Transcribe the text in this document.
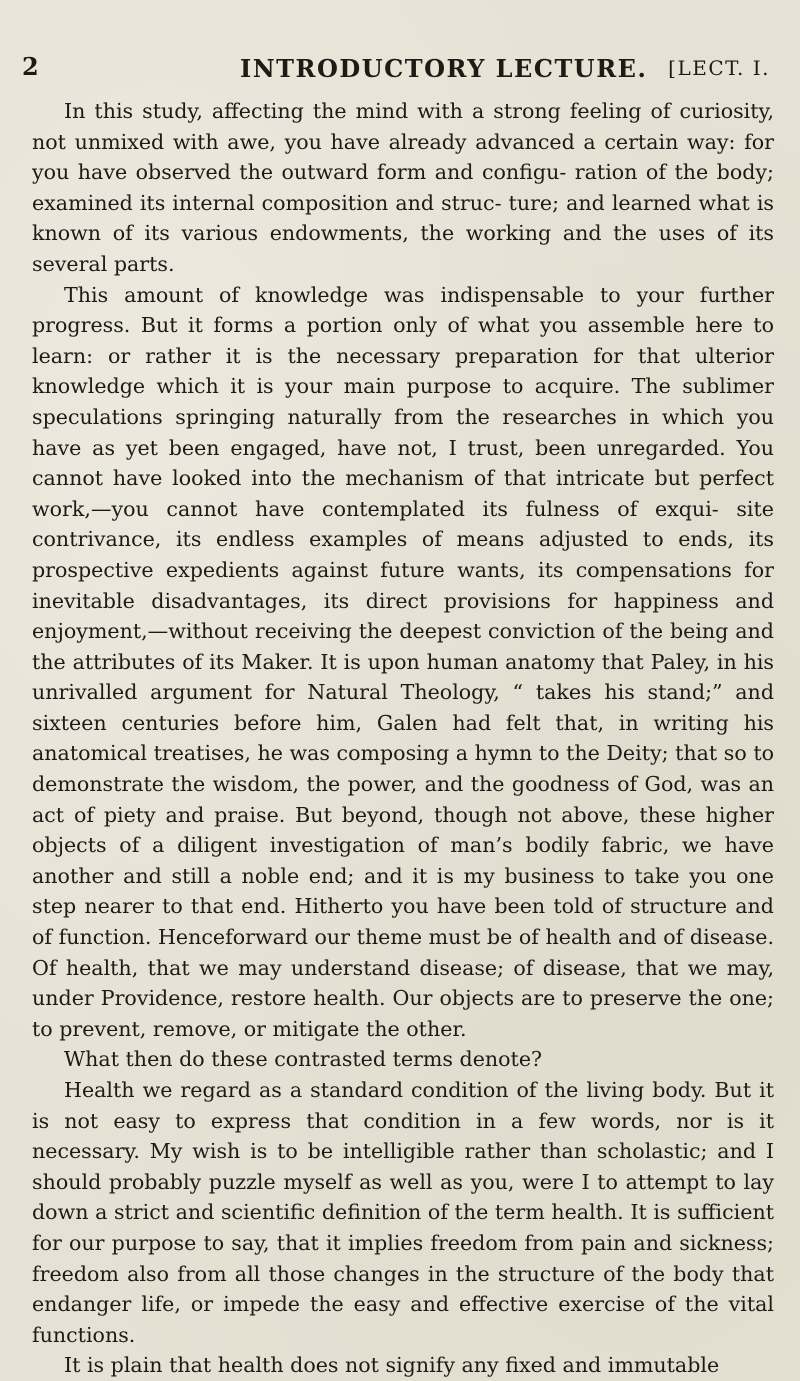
2	INTRODUCTORY LECTURE. [LECT. I.

In this study, affecting the mind with a strong feeling of curiosity, not unmixed with awe, you have already advanced a certain way: for you have observed the outward form and configu- ration of the body; examined its internal composition and struc- ture; and learned what is known of its various endowments, the working and the uses of its several parts.

This amount of knowledge was indispensable to your further progress. But it forms a portion only of what you assemble here to learn: or rather it is the necessary preparation for that ulterior knowledge which it is your main purpose to acquire. The sublimer speculations springing naturally from the researches in which you have as yet been engaged, have not, I trust, been unregarded. You cannot have looked into the mechanism of that intricate but perfect work,—you cannot have contemplated its fulness of exqui- site contrivance, its endless examples of means adjusted to ends, its prospective expedients against future wants, its compensations for inevitable disadvantages, its direct provisions for happiness and enjoyment,—without receiving the deepest conviction of the being and the attributes of its Maker. It is upon human anatomy that Paley, in his unrivalled argument for Natural Theology, “ takes his stand;” and sixteen centuries before him, Galen had felt that, in writing his anatomical treatises, he was composing a hymn to the Deity; that so to demonstrate the wisdom, the power, and the goodness of God, was an act of piety and praise. But beyond, though not above, these higher objects of a diligent investigation of man’s bodily fabric, we have another and still a noble end; and it is my business to take you one step nearer to that end. Hitherto you have been told of structure and of function. Henceforward our theme must be of health and of disease. Of health, that we may understand disease; of disease, that we may, under Providence, restore health. Our objects are to preserve the one; to prevent, remove, or mitigate the other.

What then do these contrasted terms denote?

Health we regard as a standard condition of the living body. But it is not easy to express that condition in a few words, nor is it necessary. My wish is to be intelligible rather than scholastic; and I should probably puzzle myself as well as you, were I to attempt to lay down a strict and scientific definition of the term health. It is sufficient for our purpose to say, that it implies freedom from pain and sickness; freedom also from all those changes in the structure of the body that endanger life, or impede the easy and effective exercise of the vital functions.

It is plain that health does not signify any fixed and immutable
